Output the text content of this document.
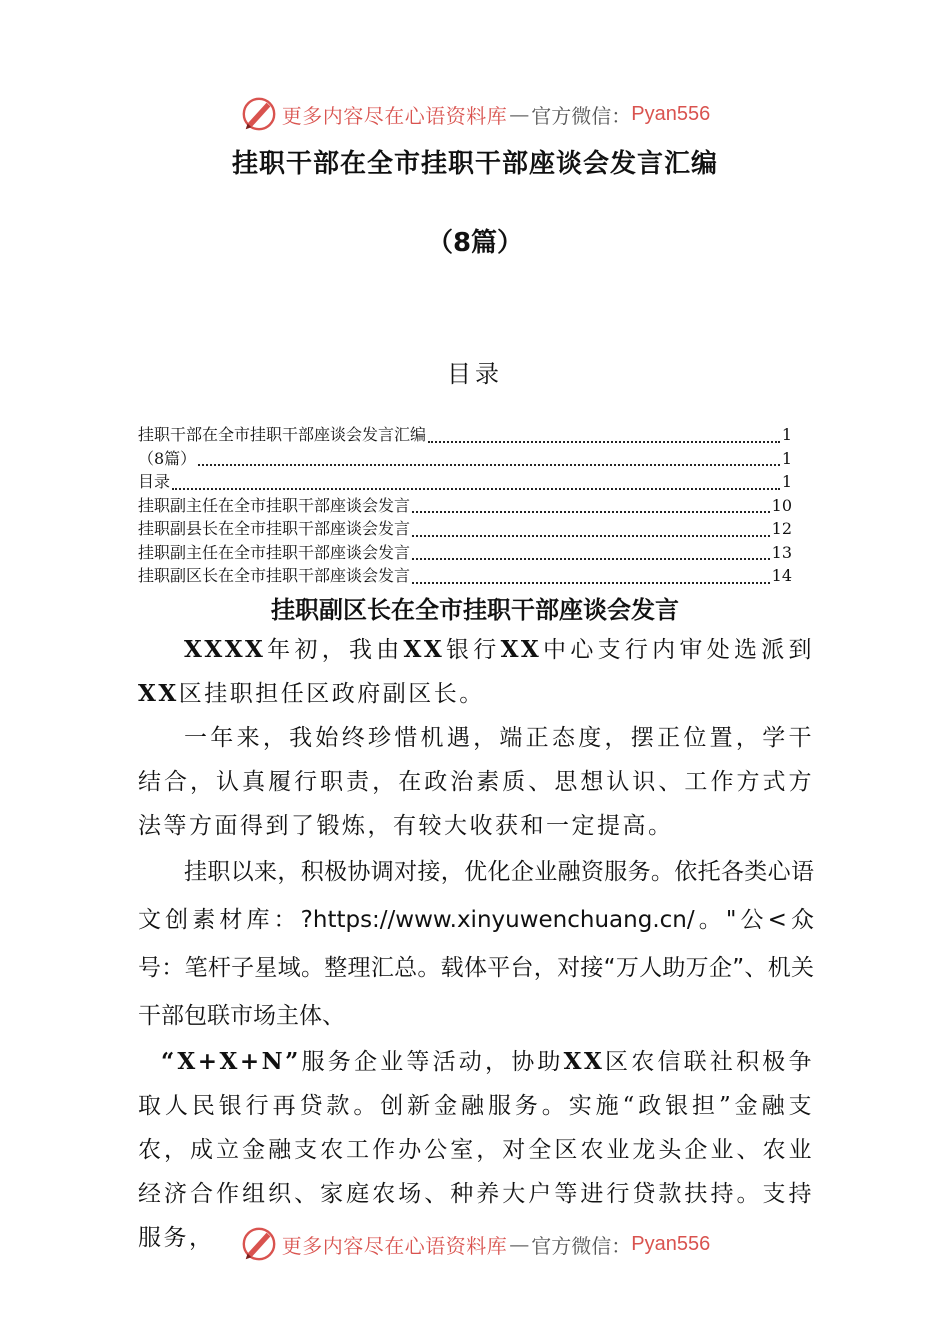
更多内容尽在心语资料库 — 官方微信： Pyan556
挂职干部在全市挂职干部座谈会发言汇编
（8篇）
目录
挂职干部在全市挂职干部座谈会发言汇编	1
（8篇）	1
目录	1
挂职副主任在全市挂职干部座谈会发言	10
挂职副县长在全市挂职干部座谈会发言	12
挂职副主任在全市挂职干部座谈会发言	13
挂职副区长在全市挂职干部座谈会发言	14
挂职副区长在全市挂职干部座谈会发言

XXXX年初，我由XX银行XX中心支行内审处选派到XX区挂职担任区政府副区长。

一年来，我始终珍惜机遇，端正态度，摆正位置，学干结合，认真履行职责，在政治素质、思想认识、工作方式方法等方面得到了锻炼，有较大收获和一定提高。

挂职以来，积极协调对接，优化企业融资服务。依托各类心语文创素材库：?https://www.xinyuwenchuang.cn/。"公<众号：笔杆子星域。整理汇总。载体平台，对接“万人助万企”、机关干部包联市场主体、

“X+X+N”服务企业等活动，协助XX区农信联社积极争取人民银行再贷款。创新金融服务。实施“政银担”金融支农，成立金融支农工作办公室，对全区农业龙头企业、农业经济合作组织、家庭农场、种养大户等进行贷款扶持。支持服务，	更多内容尽在心语资料库 — 官方微信： Pyan556
